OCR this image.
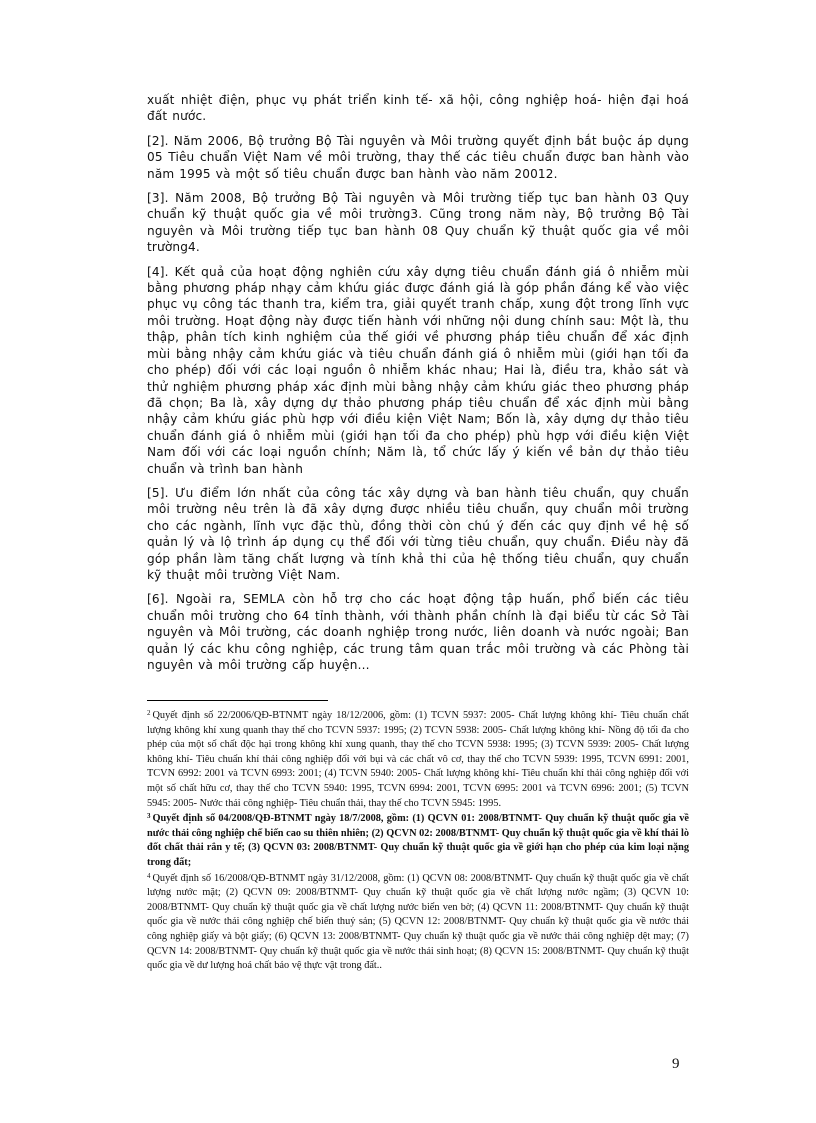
xuất nhiệt điện, phục vụ phát triển kinh tế- xã hội, công nghiệp hoá- hiện đại hoá đất nước.

[2]. Năm 2006, Bộ trưởng Bộ Tài nguyên và Môi trường quyết định bắt buộc áp dụng 05 Tiêu chuẩn Việt Nam về môi trường, thay thế các tiêu chuẩn được ban hành vào năm 1995 và một số tiêu chuẩn được ban hành vào năm 20012.

[3]. Năm 2008, Bộ trưởng Bộ Tài nguyên và Môi trường tiếp tục ban hành 03 Quy chuẩn kỹ thuật quốc gia về môi trường3. Cũng trong năm này, Bộ trưởng Bộ Tài nguyên và Môi trường tiếp tục ban hành 08 Quy chuẩn kỹ thuật quốc gia về môi trường4.

[4]. Kết quả của hoạt động nghiên cứu xây dựng tiêu chuẩn đánh giá ô nhiễm mùi bằng phương pháp nhạy cảm khứu giác được đánh giá là góp phần đáng kể vào việc phục vụ công tác thanh tra, kiểm tra, giải quyết tranh chấp, xung đột trong lĩnh vực môi trường. Hoạt động này được tiến hành với những nội dung chính sau: Một là, thu thập, phân tích kinh nghiệm của thế giới về phương pháp tiêu chuẩn để xác định mùi bằng nhậy cảm khứu giác và tiêu chuẩn đánh giá ô nhiễm mùi (giới hạn tối đa cho phép) đối với các loại nguồn ô nhiễm khác nhau; Hai là, điều tra, khảo sát và thử nghiệm phương pháp xác định mùi bằng nhậy cảm khứu giác theo phương pháp đã chọn; Ba là, xây dựng dự thảo phương pháp tiêu chuẩn để xác định mùi bằng nhậy cảm khứu giác phù hợp với điều kiện Việt Nam; Bốn là, xây dựng dự thảo tiêu chuẩn đánh giá ô nhiễm mùi (giới hạn tối đa cho phép) phù hợp với điều kiện Việt Nam đối với các loại nguồn chính; Năm là, tổ chức lấy ý kiến về bản dự thảo tiêu chuẩn và trình ban hành

[5]. Ưu điểm lớn nhất của công tác xây dựng và ban hành tiêu chuẩn, quy chuẩn môi trường nêu trên là đã xây dựng được nhiều tiêu chuẩn, quy chuẩn môi trường cho các ngành, lĩnh vực đặc thù, đồng thời còn chú ý đến các quy định về hệ số quản lý và lộ trình áp dụng cụ thể đối với từng tiêu chuẩn, quy chuẩn. Điều này đã góp phần làm tăng chất lượng và tính khả thi của hệ thống tiêu chuẩn, quy chuẩn kỹ thuật môi trường Việt Nam.

[6]. Ngoài ra, SEMLA còn hỗ trợ cho các hoạt động tập huấn, phổ biến các tiêu chuẩn môi trường cho 64 tỉnh thành, với thành phần chính là đại biểu từ các Sở Tài nguyên và Môi trường, các doanh nghiệp trong nước, liên doanh và nước ngoài; Ban quản lý các khu công nghiệp, các trung tâm quan trắc môi trường và các Phòng tài nguyên và môi trường cấp huyện…

$^2$ Quyết định số 22/2006/QĐ-BTNMT ngày 18/12/2006, gồm: (1) TCVN 5937: 2005- Chất lượng không khí- Tiêu chuẩn chất lượng không khí xung quanh thay thế cho TCVN 5937: 1995; (2) TCVN 5938: 2005- Chất lượng không khí- Nồng độ tối đa cho phép của một số chất độc hại trong không khí xung quanh, thay thế cho TCVN 5938: 1995; (3) TCVN 5939: 2005- Chất lượng không khí- Tiêu chuẩn khí thải công nghiệp đối với bụi và các chất vô cơ, thay thế cho TCVN 5939: 1995, TCVN 6991: 2001, TCVN 6992: 2001 và TCVN 6993: 2001; (4) TCVN 5940: 2005- Chất lượng không khí- Tiêu chuẩn khí thải công nghiệp đối với một số chất hữu cơ, thay thế cho TCVN 5940: 1995, TCVN 6994: 2001, TCVN 6995: 2001 và TCVN 6996: 2001; (5) TCVN 5945: 2005- Nước thải công nghiệp- Tiêu chuẩn thải, thay thế cho TCVN 5945: 1995.

$^3$ Quyết định số 04/2008/QĐ-BTNMT ngày 18/7/2008, gồm: (1) QCVN 01: 2008/BTNMT- Quy chuẩn kỹ thuật quốc gia về nước thải công nghiệp chế biến cao su thiên nhiên; (2) QCVN 02: 2008/BTNMT- Quy chuẩn kỹ thuật quốc gia về khí thải lò đốt chất thải rắn y tế; (3) QCVN 03: 2008/BTNMT- Quy chuẩn kỹ thuật quốc gia về giới hạn cho phép của kim loại nặng trong đất;

$^4$ Quyết định số 16/2008/QĐ-BTNMT ngày 31/12/2008, gồm: (1) QCVN 08: 2008/BTNMT- Quy chuẩn kỹ thuật quốc gia về chất lượng nước mặt; (2) QCVN 09: 2008/BTNMT- Quy chuẩn kỹ thuật quốc gia về chất lượng nước ngầm; (3) QCVN 10: 2008/BTNMT- Quy chuẩn kỹ thuật quốc gia về chất lượng nước biển ven bờ; (4) QCVN 11: 2008/BTNMT- Quy chuẩn kỹ thuật quốc gia về nước thải công nghiệp chế biến thuỷ sản; (5) QCVN 12: 2008/BTNMT- Quy chuẩn kỹ thuật quốc gia về nước thải công nghiệp giấy và bột giấy; (6) QCVN 13: 2008/BTNMT- Quy chuẩn kỹ thuật quốc gia về nước thải công nghiệp dệt may; (7) QCVN 14: 2008/BTNMT- Quy chuẩn kỹ thuật quốc gia về nước thải sinh hoạt; (8) QCVN 15: 2008/BTNMT- Quy chuẩn kỹ thuật quốc gia về dư lượng hoá chất bảo vệ thực vật trong đất..

9
